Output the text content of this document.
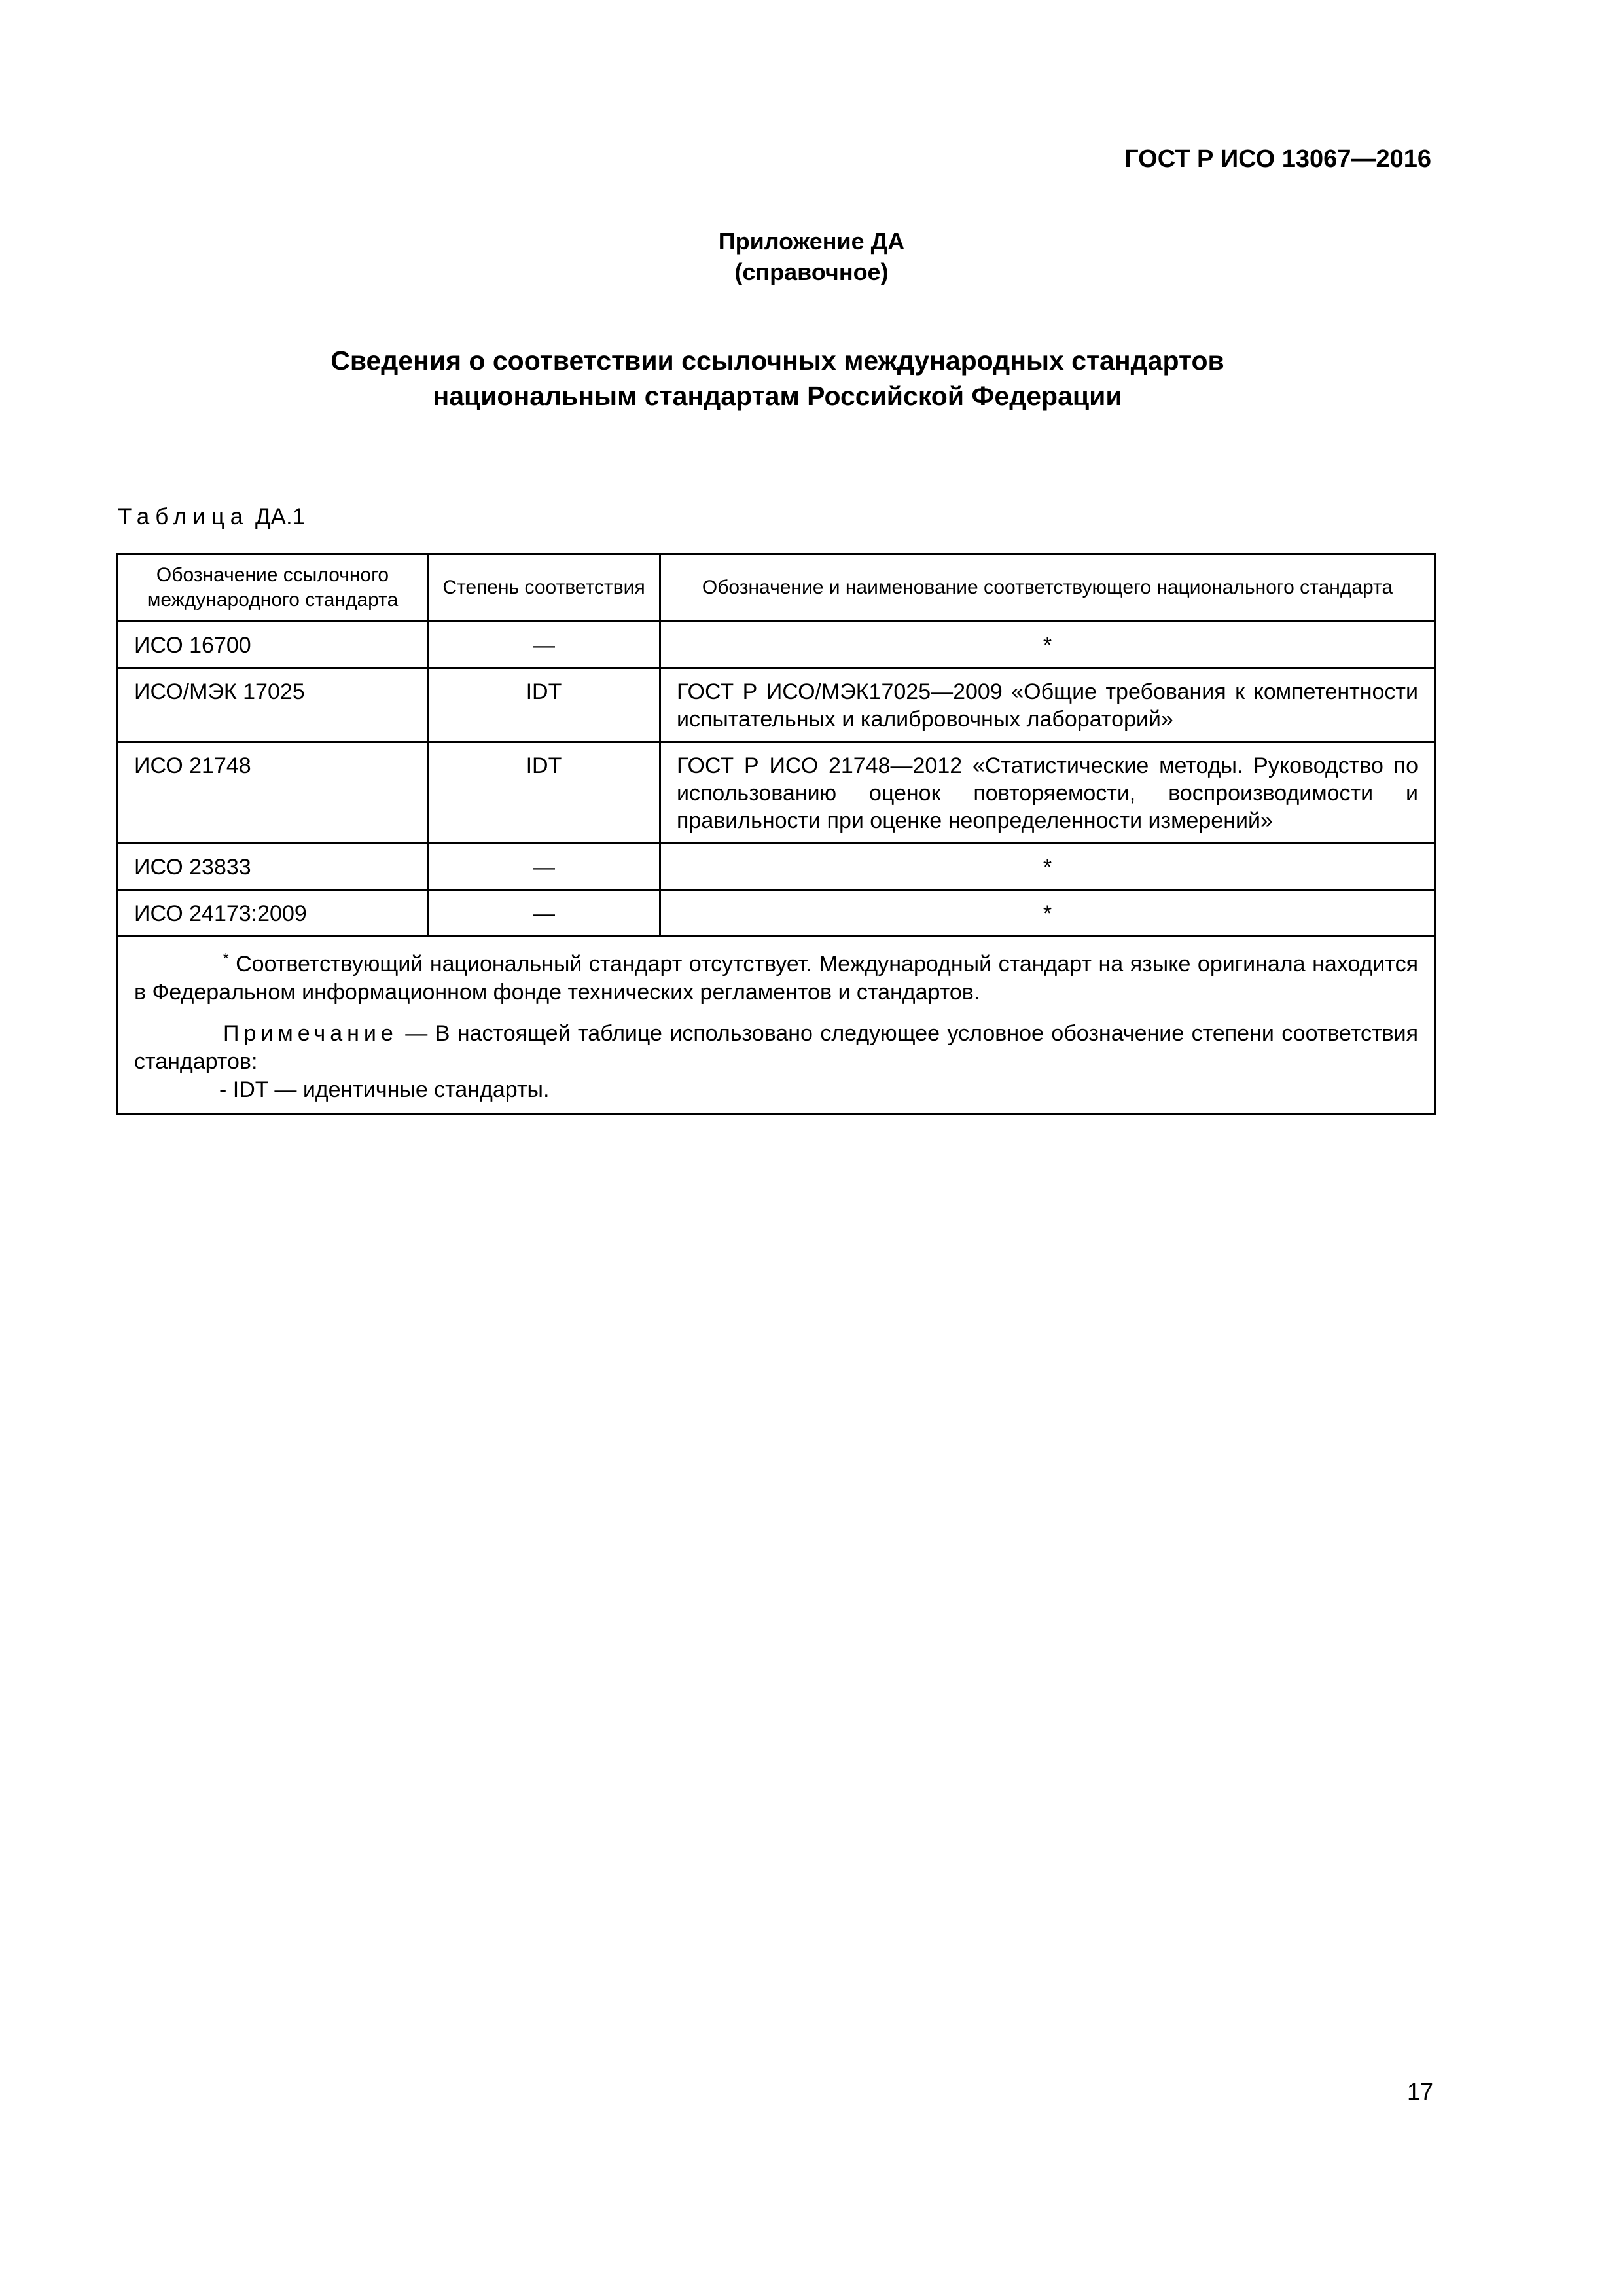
ГОСТ Р ИСО 13067—2016
Приложение ДА
(справочное)
Сведения о соответствии ссылочных международных стандартов
национальным стандартам Российской Федерации
Таблица ДА.1
Обозначение ссылочного международного стандарта	Степень соответствия	Обозначение и наименование соответствующего национального стандарта
ИСО 16700	—	*
ИСО/МЭК 17025	IDT	ГОСТ Р ИСО/МЭК17025—2009 «Общие требования к компетентности испытательных и калибровочных лабораторий»
ИСО 21748	IDT	ГОСТ Р ИСО 21748—2012 «Статистические методы. Руководство по использованию оценок повторяемости, воспроизводимости и правильности при оценке неопределенности измерений»
ИСО 23833	—	*
ИСО 24173:2009	—	*

* Соответствующий национальный стандарт отсутствует. Международный стандарт на языке оригинала находится в Федеральном информационном фонде технических регламентов и стандартов.

Примечание — В настоящей таблице использовано следующее условное обозначение степени соответствия стандартов:

- IDT — идентичные стандарты.		

17
